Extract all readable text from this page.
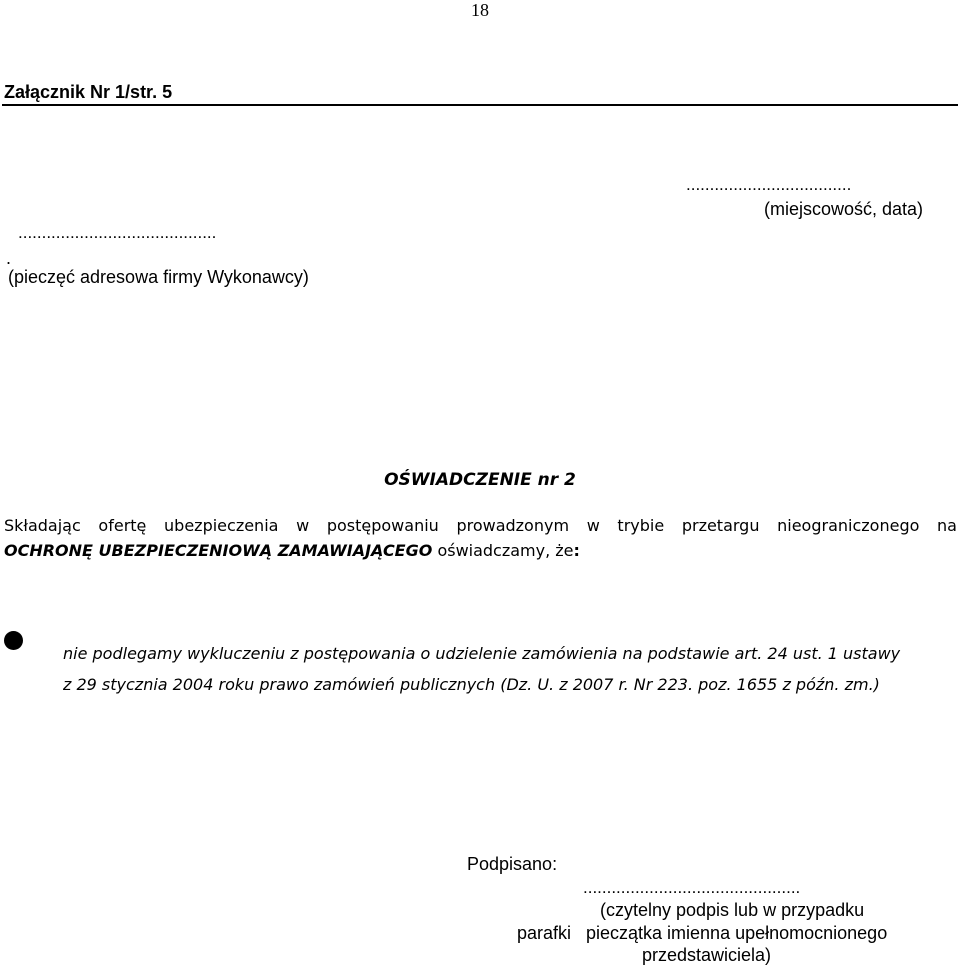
18
Załącznik Nr 1/str. 5
...................................
(miejscowość, data)
..........................................
.
(pieczęć adresowa firmy Wykonawcy)
OŚWIADCZENIE nr 2
Składając ofertę ubezpieczenia w postępowaniu prowadzonym w trybie przetargu nieograniczonego na
OCHRONĘ UBEZPIECZENIOWĄ ZAMAWIAJĄCEGO oświadczamy, że:
nie podlegamy wykluczeniu z postępowania o udzielenie zamówienia na podstawie art. 24 ust. 1 ustawy
z 29 stycznia 2004 roku prawo zamówień publicznych (Dz. U. z 2007 r. Nr 223. poz. 1655 z późn. zm.)
Podpisano:
..............................................
(czytelny podpis lub w przypadku
parafki pieczątka imienna upełnomocnionego
przedstawiciela)
